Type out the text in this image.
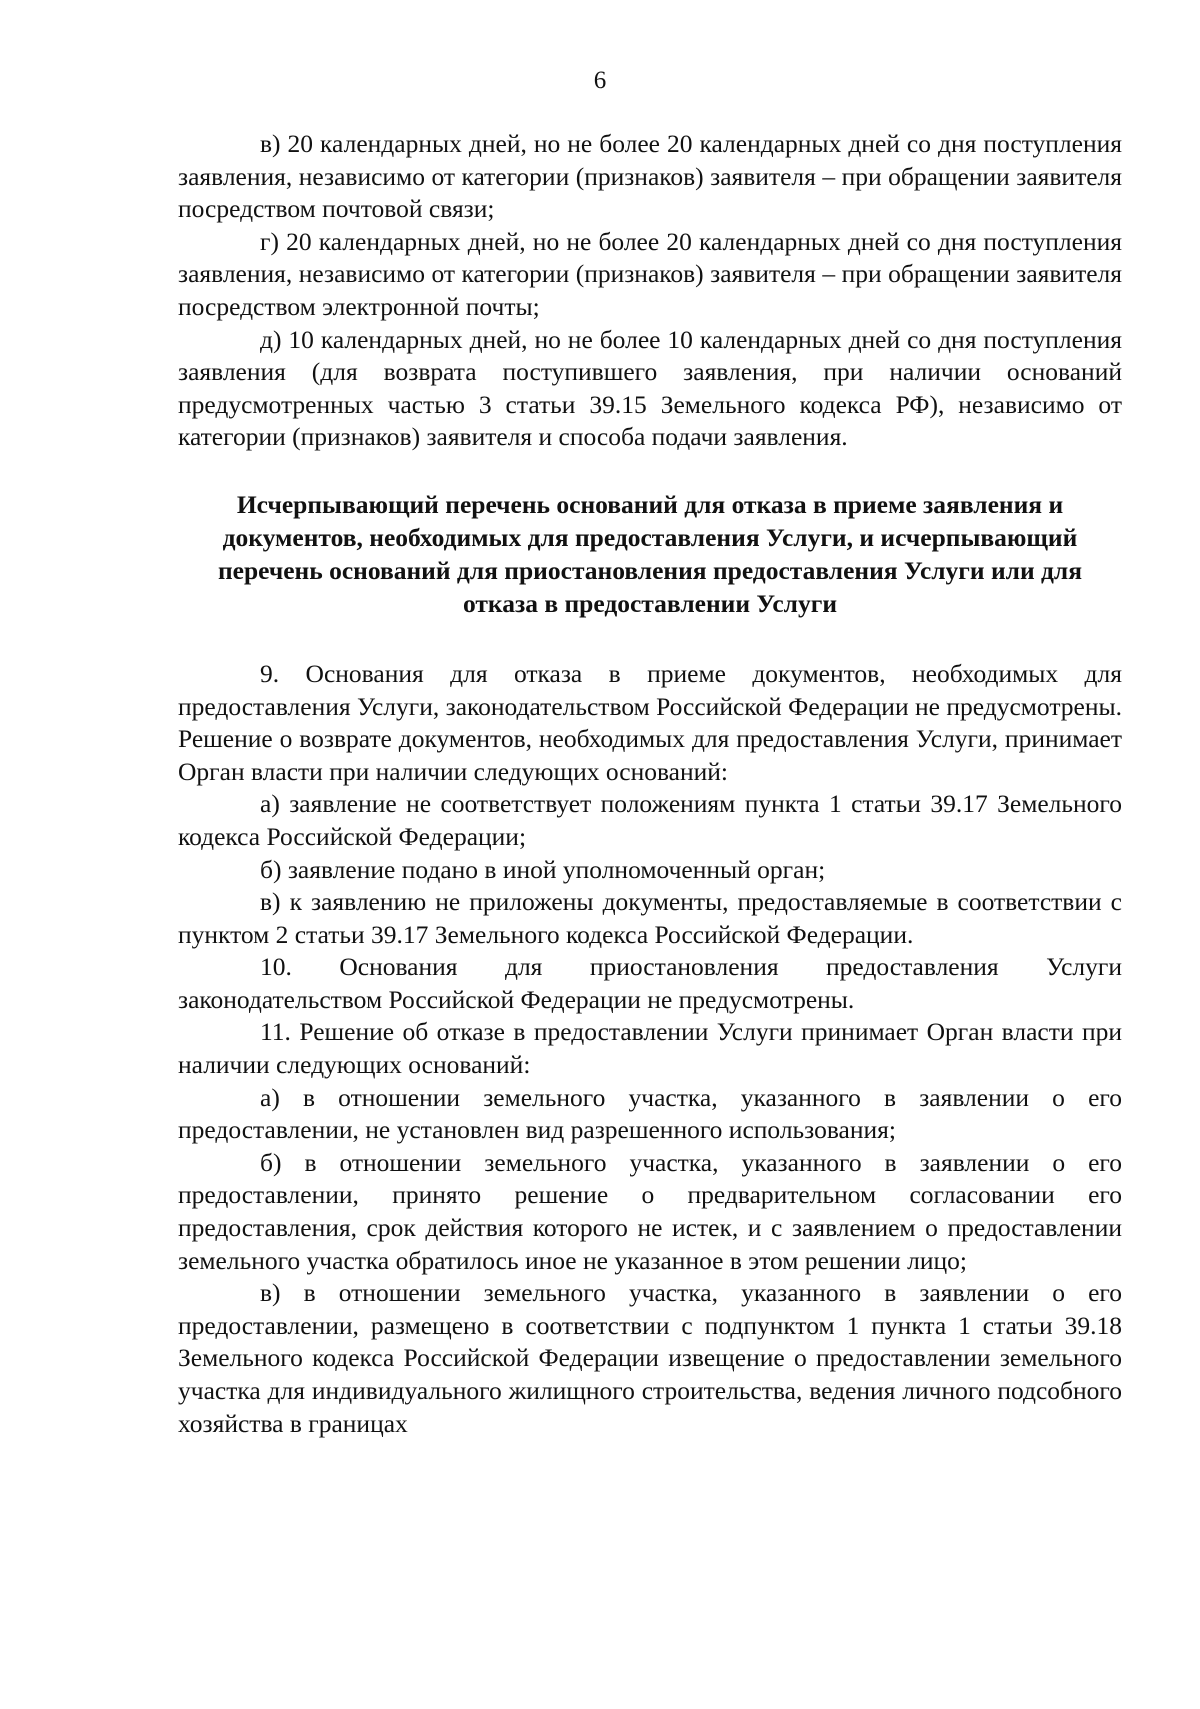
6

в) 20 календарных дней, но не более 20 календарных дней со дня поступления заявления, независимо от категории (признаков) заявителя – при обращении заявителя посредством почтовой связи;

г) 20 календарных дней, но не более 20 календарных дней со дня поступления заявления, независимо от категории (признаков) заявителя – при обращении заявителя посредством электронной почты;

д) 10 календарных дней, но не более 10 календарных дней со дня поступления заявления (для возврата поступившего заявления, при наличии оснований предусмотренных частью 3 статьи 39.15 Земельного кодекса РФ), независимо от категории (признаков) заявителя и способа подачи заявления.

Исчерпывающий перечень оснований для отказа в приеме заявления и документов, необходимых для предоставления Услуги, и исчерпывающий перечень оснований для приостановления предоставления Услуги или для отказа в предоставлении Услуги

9. Основания для отказа в приеме документов, необходимых для предоставления Услуги, законодательством Российской Федерации не предусмотрены. Решение о возврате документов, необходимых для предоставления Услуги, принимает Орган власти при наличии следующих оснований:

а) заявление не соответствует положениям пункта 1 статьи 39.17 Земельного кодекса Российской Федерации;

б) заявление подано в иной уполномоченный орган;

в) к заявлению не приложены документы, предоставляемые в соответствии с пунктом 2 статьи 39.17 Земельного кодекса Российской Федерации.

10. Основания для приостановления предоставления Услуги законодательством Российской Федерации не предусмотрены.

11. Решение об отказе в предоставлении Услуги принимает Орган власти при наличии следующих оснований:

а) в отношении земельного участка, указанного в заявлении о его предоставлении, не установлен вид разрешенного использования;

б) в отношении земельного участка, указанного в заявлении о его предоставлении, принято решение о предварительном согласовании его предоставления, срок действия которого не истек, и с заявлением о предоставлении земельного участка обратилось иное не указанное в этом решении лицо;

в) в отношении земельного участка, указанного в заявлении о его предоставлении, размещено в соответствии с подпунктом 1 пункта 1 статьи 39.18 Земельного кодекса Российской Федерации извещение о предоставлении земельного участка для индивидуального жилищного строительства, ведения личного подсобного хозяйства в границах
